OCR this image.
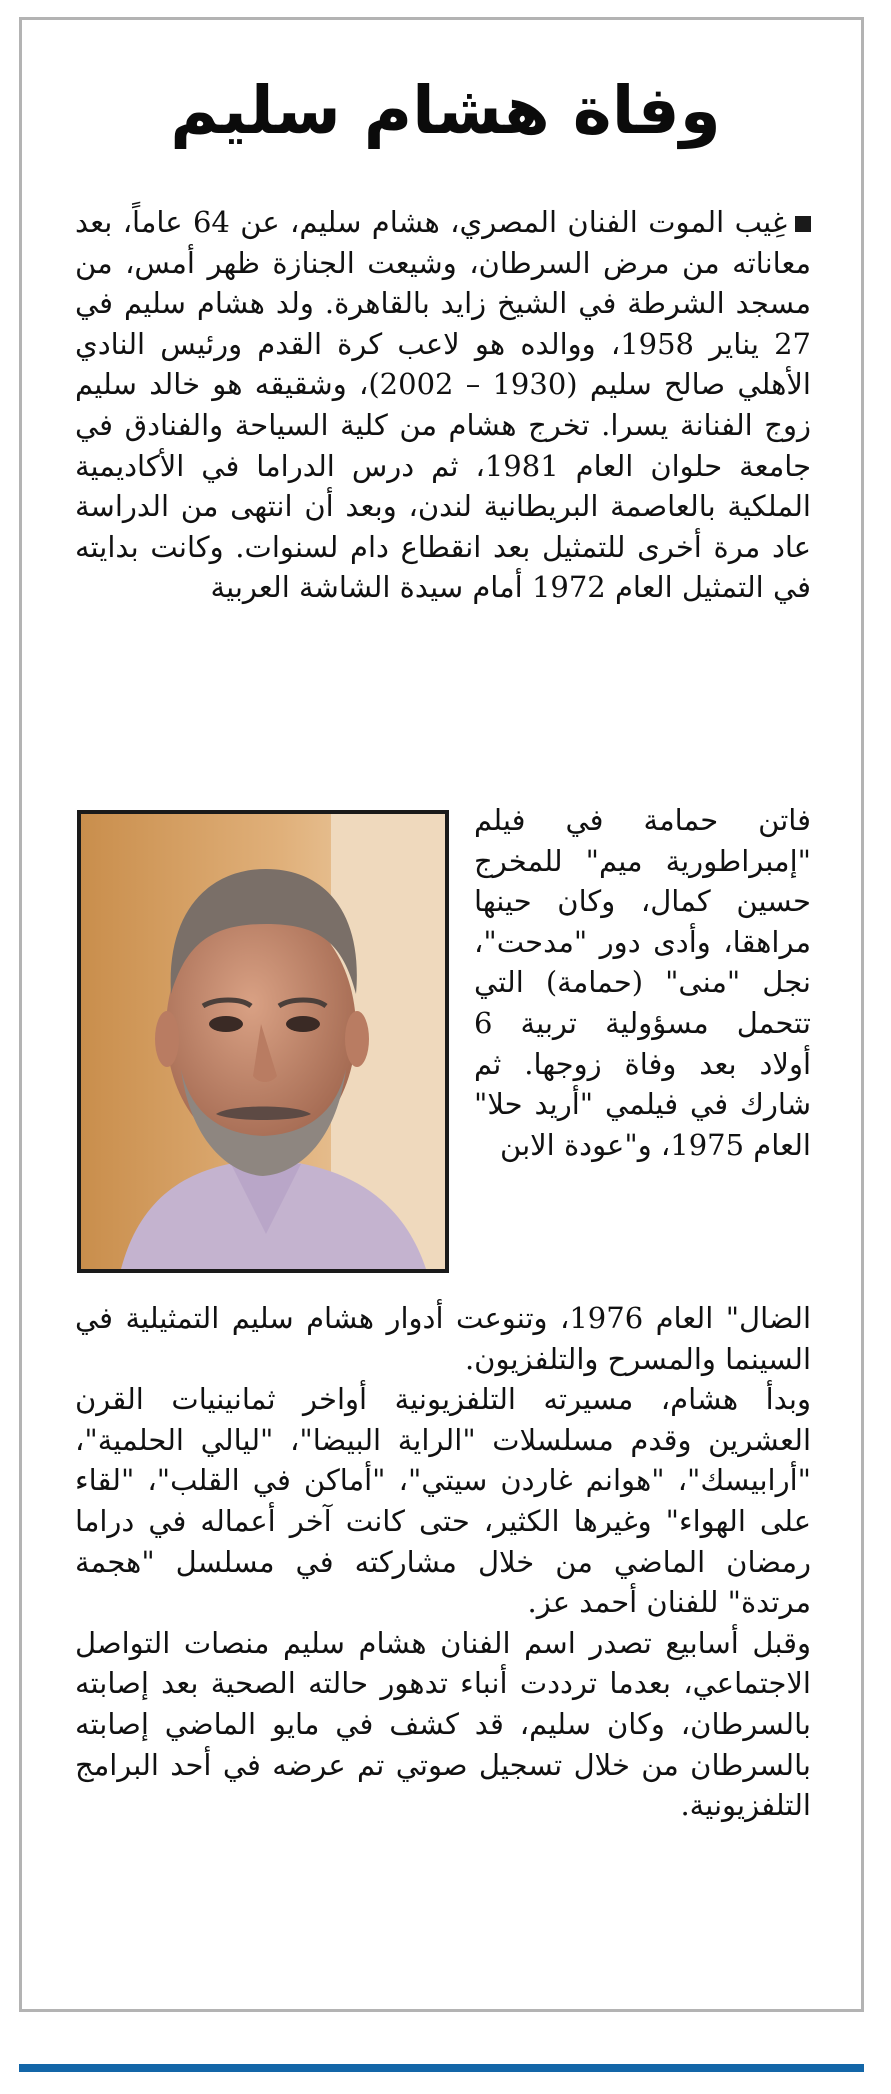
وفاة هشام سليم

غِيب الموت الفنان المصري، هشام سليم، عن 64 عاماً، بعد معاناته من مرض السرطان، وشيعت الجنازة ظهر أمس، من مسجد الشرطة في الشيخ زايد بالقاهرة. ولد هشام سليم في 27 يناير 1958، ووالده هو لاعب كرة القدم ورئيس النادي الأهلي صالح سليم (1930 – 2002)، وشقيقه هو خالد سليم زوج الفنانة يسرا. تخرج هشام من كلية السياحة والفنادق في جامعة حلوان العام 1981، ثم درس الدراما في الأكاديمية الملكية بالعاصمة البريطانية لندن، وبعد أن انتهى من الدراسة عاد مرة أخرى للتمثيل بعد انقطاع دام لسنوات. وكانت بدايته في التمثيل العام 1972 أمام سيدة الشاشة العربية

فاتن حمامة في فيلم "إمبراطورية ميم" للمخرج حسين كمال، وكان حينها مراهقا، وأدى دور "مدحت"، نجل "منى" (حمامة) التي تتحمل مسؤولية تربية 6 أولاد بعد وفاة زوجها. ثم شارك في فيلمي "أريد حلا" العام 1975، و"عودة الابن

الضال" العام 1976، وتنوعت أدوار هشام سليم التمثيلية في السينما والمسرح والتلفزيون.

وبدأ هشام، مسيرته التلفزيونية أواخر ثمانينيات القرن العشرين وقدم مسلسلات "الراية البيضا"، "ليالي الحلمية"، "أرابيسك"، "هوانم غاردن سيتي"، "أماكن في القلب"، "لقاء على الهواء" وغيرها الكثير، حتى كانت آخر أعماله في دراما رمضان الماضي من خلال مشاركته في مسلسل "هجمة مرتدة" للفنان أحمد عز.

وقبل أسابيع تصدر اسم الفنان هشام سليم منصات التواصل الاجتماعي، بعدما ترددت أنباء تدهور حالته الصحية بعد إصابته بالسرطان، وكان سليم، قد كشف في مايو الماضي إصابته بالسرطان من خلال تسجيل صوتي تم عرضه في أحد البرامج التلفزيونية.
